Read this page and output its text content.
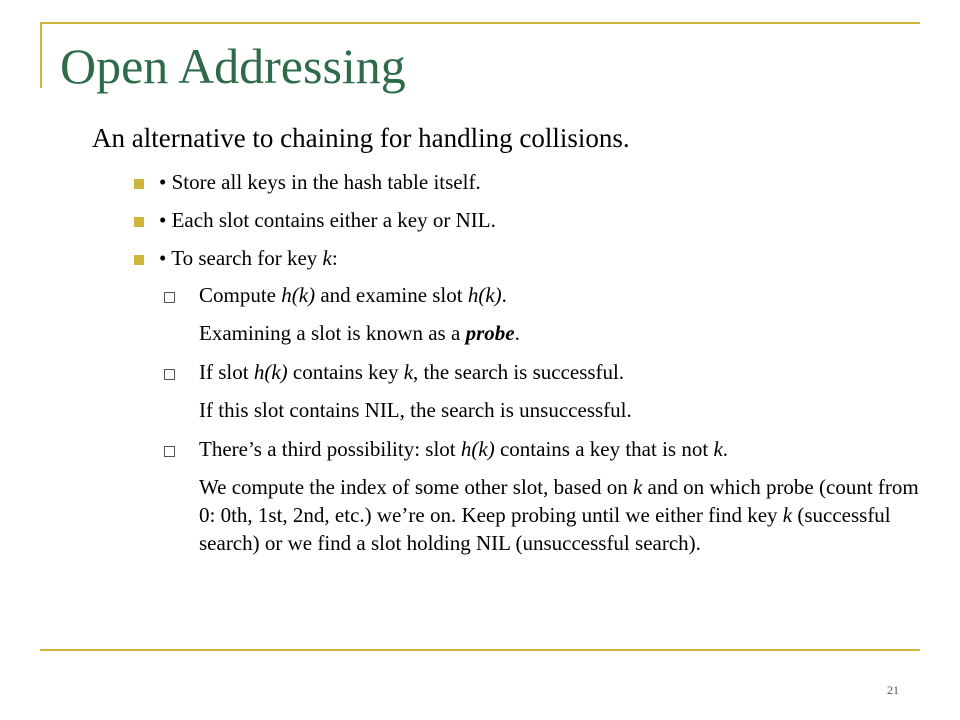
Open Addressing
An alternative to chaining for handling collisions.
• Store all keys in the hash table itself.
• Each slot contains either a key or NIL.
• To search for key k:
Compute h(k) and examine slot h(k).
Examining a slot is known as a probe.
If slot h(k) contains key k, the search is successful.
If this slot contains NIL, the search is unsuccessful.
There’s a third possibility: slot h(k) contains a key that is not k.
We compute the index of some other slot, based on k and on which probe (count from 0: 0th, 1st, 2nd, etc.) we’re on. Keep probing until we either find key k (successful search) or we find a slot holding NIL (unsuccessful search).
21
